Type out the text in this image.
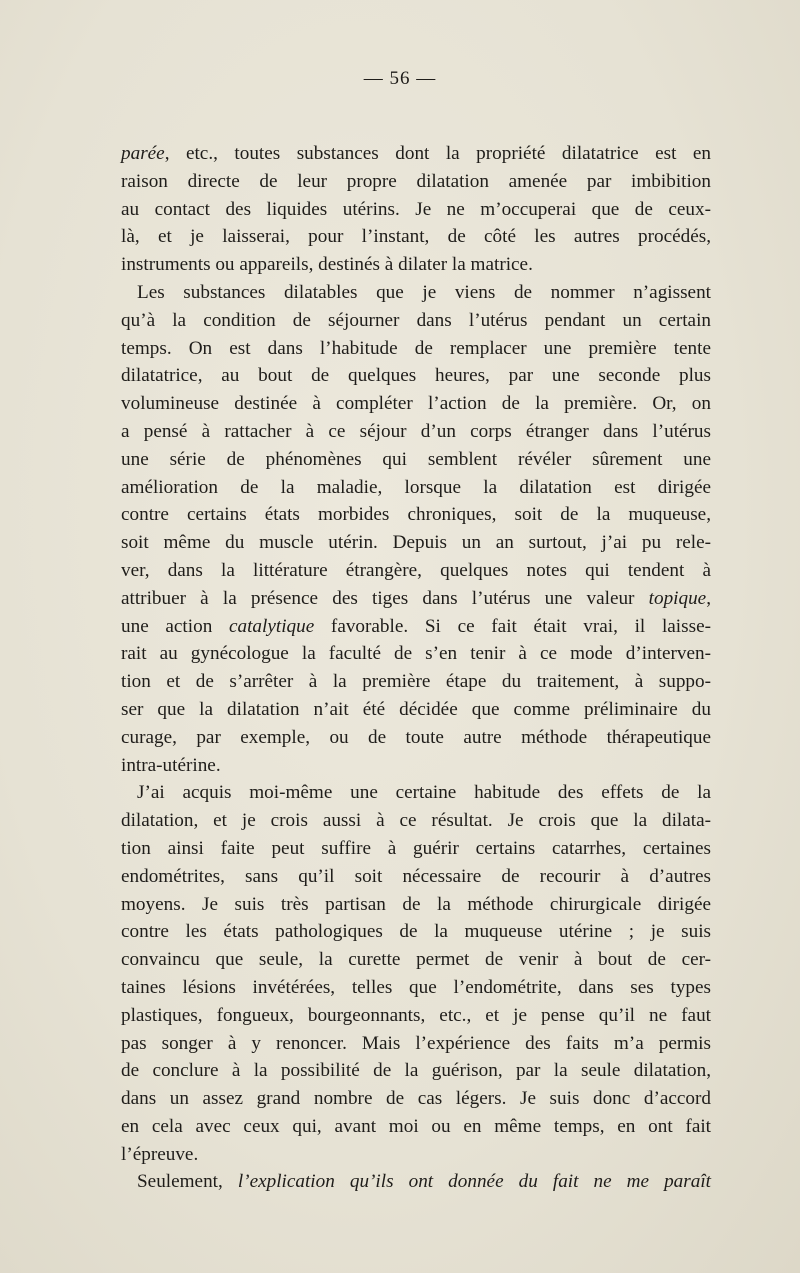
— 56 —
parée, etc., toutes substances dont la propriété dilatatrice est en
raison directe de leur propre dilatation amenée par imbibition
au contact des liquides utérins. Je ne m’occuperai que de ceux-
là, et je laisserai, pour l’instant, de côté les autres procédés,
instruments ou appareils, destinés à dilater la matrice.
Les substances dilatables que je viens de nommer n’agissent
qu’à la condition de séjourner dans l’utérus pendant un certain
temps. On est dans l’habitude de remplacer une première tente
dilatatrice, au bout de quelques heures, par une seconde plus
volumineuse destinée à compléter l’action de la première. Or, on
a pensé à rattacher à ce séjour d’un corps étranger dans l’utérus
une série de phénomènes qui semblent révéler sûrement une
amélioration de la maladie, lorsque la dilatation est dirigée
contre certains états morbides chroniques, soit de la muqueuse,
soit même du muscle utérin. Depuis un an surtout, j’ai pu rele-
ver, dans la littérature étrangère, quelques notes qui tendent à
attribuer à la présence des tiges dans l’utérus une valeur topique,
une action catalytique favorable. Si ce fait était vrai, il laisse-
rait au gynécologue la faculté de s’en tenir à ce mode d’interven-
tion et de s’arrêter à la première étape du traitement, à suppo-
ser que la dilatation n’ait été décidée que comme préliminaire du
curage, par exemple, ou de toute autre méthode thérapeutique
intra-utérine.
J’ai acquis moi-même une certaine habitude des effets de la
dilatation, et je crois aussi à ce résultat. Je crois que la dilata-
tion ainsi faite peut suffire à guérir certains catarrhes, certaines
endométrites, sans qu’il soit nécessaire de recourir à d’autres
moyens. Je suis très partisan de la méthode chirurgicale dirigée
contre les états pathologiques de la muqueuse utérine ; je suis
convaincu que seule, la curette permet de venir à bout de cer-
taines lésions invétérées, telles que l’endométrite, dans ses types
plastiques, fongueux, bourgeonnants, etc., et je pense qu’il ne faut
pas songer à y renoncer. Mais l’expérience des faits m’a permis
de conclure à la possibilité de la guérison, par la seule dilatation,
dans un assez grand nombre de cas légers. Je suis donc d’accord
en cela avec ceux qui, avant moi ou en même temps, en ont fait
l’épreuve.
Seulement, l’explication qu’ils ont donnée du fait ne me paraît
